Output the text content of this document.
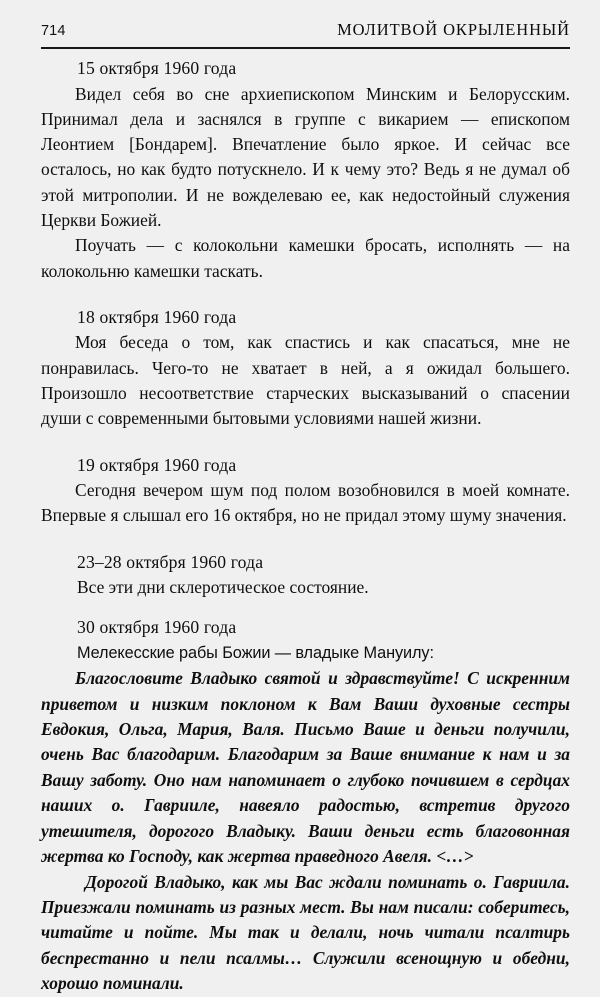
714	МОЛИТВОЙ ОКРЫЛЕННЫЙ
15 октября 1960 года

Видел себя во сне архиепископом Минским и Белорусским. Принимал дела и заснялся в группе с викарием — епископом Леонтием [Бондарем]. Впечатление было яркое. И сейчас все осталось, но как будто потускнело. И к чему это? Ведь я не думал об этой митрополии. И не вожделеваю ее, как недостойный служения Церкви Божией.

Поучать — с колокольни камешки бросать, исполнять — на колокольню камешки таскать.

18 октября 1960 года

Моя беседа о том, как спастись и как спасаться, мне не понравилась. Чего-то не хватает в ней, а я ожидал большего. Произошло несоответствие старческих высказываний о спасении души с современными бытовыми условиями нашей жизни.

19 октября 1960 года

Сегодня вечером шум под полом возобновился в моей комнате. Впервые я слышал его 16 октября, но не придал этому шуму значения.

23–28 октября 1960 года

Все эти дни склеротическое состояние.

30 октября 1960 года

Мелекесские рабы Божии — владыке Мануилу:

Благословите Владыко святой и здравствуйте! С искренним приветом и низким поклоном к Вам Ваши духовные сестры Евдокия, Ольга, Мария, Валя. Письмо Ваше и деньги получили, очень Вас благодарим. Благодарим за Ваше внимание к нам и за Вашу заботу. Оно нам напоминает о глубоко почившем в сердцах наших о. Гаврииле, навеяло радостью, встретив другого утешителя, дорогого Владыку. Ваши деньги есть благовонная жертва ко Господу, как жертва праведного Авеля. <…>

Дорогой Владыко, как мы Вас ждали поминать о. Гавриила. Приезжали поминать из разных мест. Вы нам писали: соберитесь, читайте и пойте. Мы так и делали, ночь читали псалтирь беспрестанно и пели псалмы… Служили всенощную и обедни, хорошо поминали.
